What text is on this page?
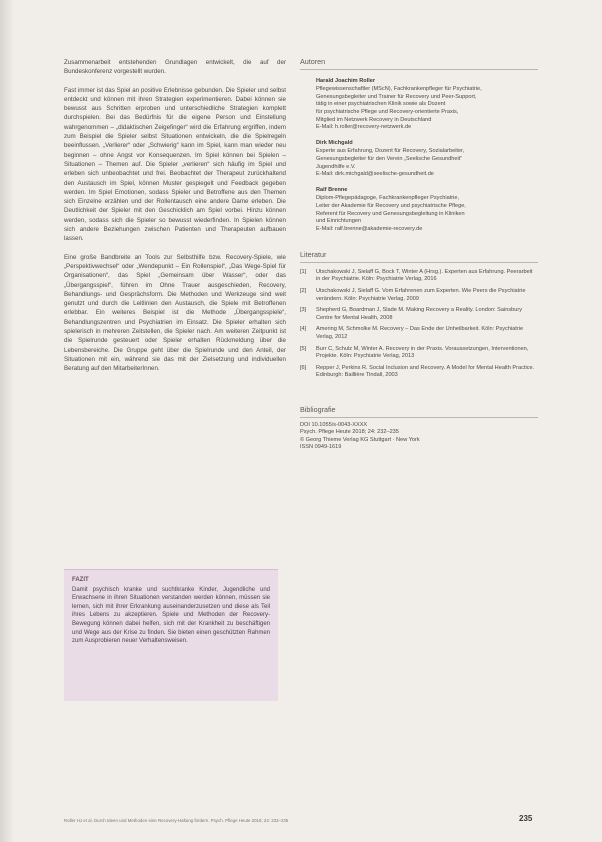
Zusammenarbeit entstehenden Grundlagen entwickelt, die auf der Bundeskonferenz vorgestellt wurden.

Fast immer ist das Spiel an positive Erlebnisse gebunden. Die Spieler und selbst entdeckt und können mit ihren Strategien experimentieren. Dabei können sie bewusst aus Schritten erproben und unterschiedliche Strategien komplett durchspielen. Bei das Bedürfnis für die eigene Person und Einstellung wahrgenommen – „didaktischen Zeigefinger“ wird die Erfahrung ergriffen, indem zum Beispiel die Spieler selbst Situationen entwickeln, die die Spielregeln beeinflussen. „Verlierer“ oder „Schwierig“ kann im Spiel, kann man wieder neu beginnen – ohne Angst vor Konsequenzen. Im Spiel können bei Spielen – Situationen – Themen auf. Die Spieler „verlieren“ sich häufig im Spiel und erleben sich unbeobachtet und frei. Beobachtet der Therapeut zurückhaltend den Austausch im Spiel, können Muster gespiegelt und Feedback gegeben werden. Im Spiel Emotionen, sodass Spieler und Betroffene aus den Themen sich Einzelne erzählen und der Rollentausch eine andere Dame erleben. Die Deutlichkeit der Spieler mit den Geschicklich am Spiel vorbei. Hinzu können werden, sodass sich die Spieler so bewusst wiederfinden. In Spielen können sich andere Beziehungen zwischen Patienten und Therapeuten aufbauen lassen.

Eine große Bandbreite an Tools zur Selbsthilfe bzw. Recovery-Spiele, wie „Perspektivwechsel“ oder „Wendepunkt – Ein Rollenspiel“, „Das Wege-Spiel für Organisationen“, das Spiel „Gemeinsam über Wasser“, oder das „Übergangsspiel“, führen im Ohne Trauer ausgeschieden, Recovery, Behandlungs- und Gesprächsform. Die Methoden und Werkzeuge sind weit genutzt und durch die Leitlinien den Austausch, die Spiele mit Betroffenen erlebbar. Ein weiteres Beispiel ist die Methode „Übergangsspiele“, Behandlungszentren und Psychiatrien im Einsatz. Die Spieler erhalten sich spielerisch in mehreren Zeitstellen, die Spieler nach. Am weiteren Zeitpunkt ist die Spielrunde gesteuert oder Spieler erhalten Rückmeldung über die Lebensbereiche. Die Gruppe geht über die Spielrunde und den Anteil, der Situationen mit ein, während sie das mit der Zielsetzung und individuellen Beratung auf den MitarbeiterInnen.

FAZIT
Damit psychisch kranke und suchtkranke Kinder, Jugendliche und Erwachsene in ihren Situationen verstanden werden können, müssen sie lernen, sich mit ihrer Erkrankung auseinanderzusetzen und diese als Teil ihres Lebens zu akzeptieren. Spiele und Methoden der Recovery-Bewegung können dabei helfen, sich mit der Krankheit zu beschäftigen und Wege aus der Krise zu finden. Sie bieten einen geschützten Rahmen zum Ausprobieren neuer Verhaltensweisen.
Autoren
Harald Joachim Roller
Pflegewissenschaftler (MScN), Fachkrankenpfleger für Psychiatrie,
Genesungsbegleiter und Trainer für Recovery und Peer-Support,
tätig in einer psychiatrischen Klinik sowie als Dozent
für psychiatrische Pflege und Recovery-orientierte Praxis,
Mitglied im Netzwerk Recovery in Deutschland
E-Mail: h.roller@recovery-netzwerk.de
Dirk Michgald
Experte aus Erfahrung, Dozent für Recovery, Sozialarbeiter,
Genesungsbegleiter für den Verein „Seelische Gesundheit“
Jugendhilfe e.V.
E-Mail: dirk.michgald@seelische-gesundheit.de
Ralf Brenne
Diplom-Pflegepädagoge, Fachkrankenpfleger Psychiatrie,
Leiter der Akademie für Recovery und psychiatrische Pflege,
Referent für Recovery und Genesungsbegleitung in Kliniken
und Einrichtungen
E-Mail: ralf.brenne@akademie-recovery.de
Literatur
[1]	Utschakowski J, Sielaff G, Bock T, Winter A (Hrsg.). Experten aus Erfahrung. Peerarbeit in der Psychiatrie. Köln: Psychiatrie Verlag, 2016
[2]	Utschakowski J, Sielaff G. Vom Erfahrenen zum Experten. Wie Peers die Psychiatrie verändern. Köln: Psychiatrie Verlag, 2009
[3]	Shepherd G, Boardman J, Slade M. Making Recovery a Reality. London: Sainsbury Centre for Mental Health, 2008
[4]	Amering M, Schmolke M. Recovery – Das Ende der Unheilbarkeit. Köln: Psychiatrie Verlag, 2012
[5]	Burr C, Schulz M, Winter A. Recovery in der Praxis. Voraussetzungen, Interventionen, Projekte. Köln: Psychiatrie Verlag, 2013
[6]	Repper J, Perkins R. Social Inclusion and Recovery. A Model for Mental Health Practice. Edinburgh: Baillière Tindall, 2003
Bibliografie
DOI 10.1055/s-0043-XXXX
Psych. Pflege Heute 2018; 24: 232–235
© Georg Thieme Verlag KG Stuttgart · New York
ISSN 0949-1619
Roller HJ et al. Durch Ideen und Methoden eine Recovery-Haltung fördern. Psych. Pflege Heute 2018; 24: 232–235	235
